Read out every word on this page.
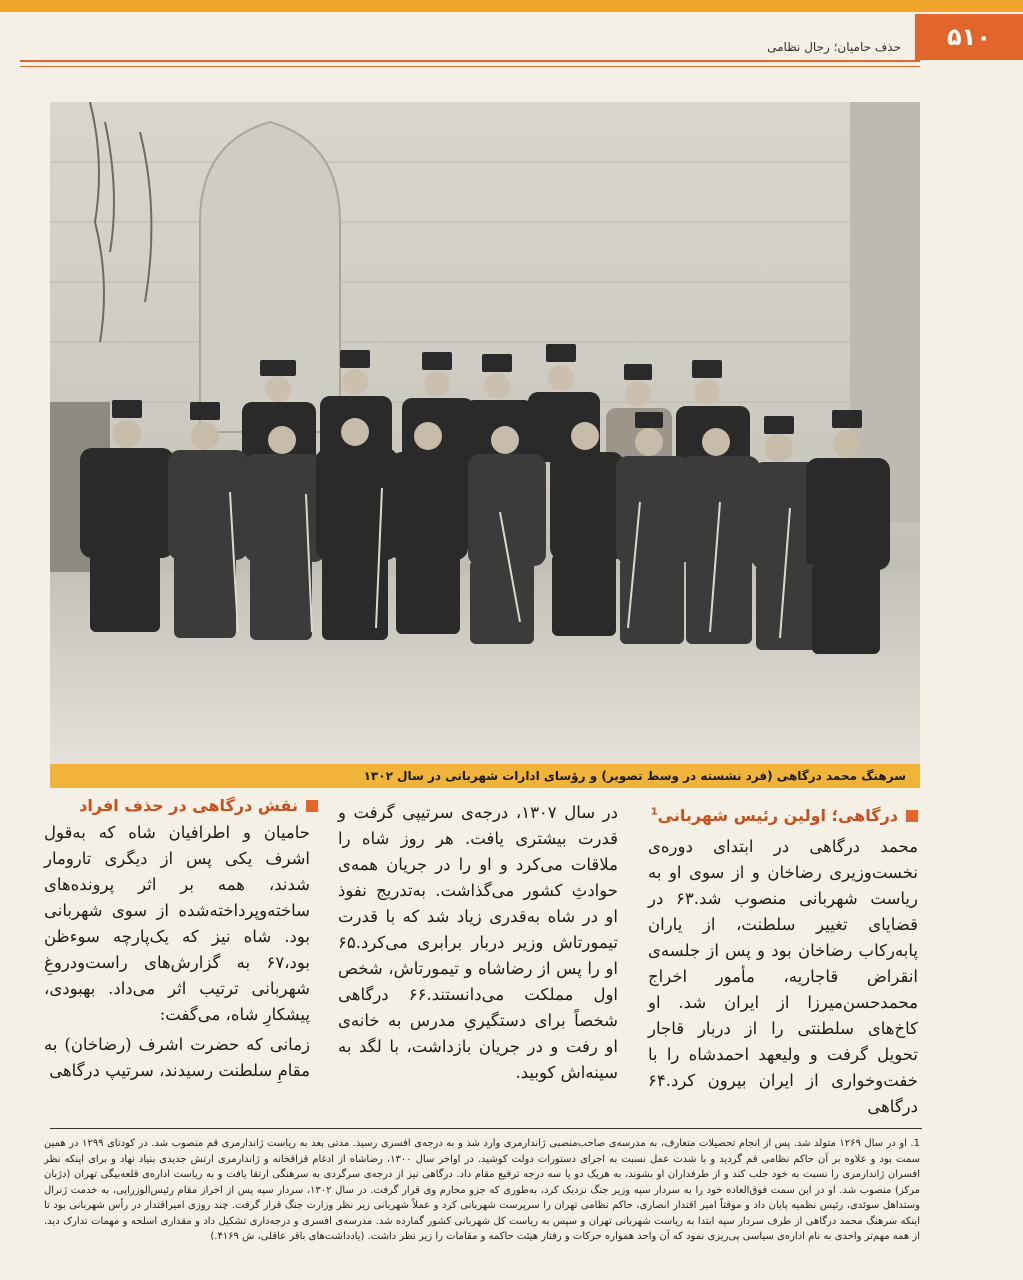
حذف حامیان؛ رجال نظامی	۵۱۰
سرهنگ محمد درگاهی (فرد نشسته در وسط تصویر) و رؤسای ادارات شهربانی در سال ۱۳۰۲
درگاهی؛ اولین رئیس شهربانی$^1$
نقش درگاهی در حذف افراد

محمد درگاهی در ابتدای دوره‌ی نخست‌وزیری رضاخان و از سوی او به ریاست شهربانی منصوب شد.۶۳ در قضایای تغییر سلطنت، از یاران پابه‌رکاب رضاخان بود و پس از جلسه‌ی انقراض قاجاریه، مأمور اخراج محمدحسن‌میرزا از ایران شد. او کاخ‌های سلطنتی را از دربار قاجار تحویل گرفت و ولیعهد احمدشاه را با خفت‌وخواری از ایران بیرون کرد.۶۴ درگاهی

در سال ۱۳۰۷، درجه‌ی سرتیپی گرفت و قدرت بیشتری یافت. هر روز شاه را ملاقات می‌کرد و او را در جریان همه‌ی حوادثِ کشور می‌گذاشت. به‌تدریج نفوذ او در شاه به‌قدری زیاد شد که با قدرت تیمورتاش وزیر دربار برابری می‌کرد.۶۵ او را پس از رضاشاه و تیمورتاش، شخص اول مملکت می‌دانستند.۶۶ درگاهی شخصاً برای دستگیریِ مدرس به خانه‌ی او رفت و در جریان بازداشت، با لگد به سینه‌اش کوبید.

حامیان و اطرافیان شاه که به‌قول اشرف یکی پس از دیگری تارومار شدند، همه بر اثر پرونده‌های ساخته‌وپرداخته‌شده از سوی شهربانی بود. شاه نیز که یک‌پارچه سوءظن بود،۶۷ به گزارش‌های راست‌ودروغِ شهربانی ترتیب اثر می‌داد. بهبودی، پیشکارِ شاه، می‌گفت:

زمانی که حضرت اشرف (رضاخان) به مقامِ سلطنت رسیدند، سرتیپ درگاهی

1. او در سال ۱۲۶۹ متولد شد. پس از انجام تحصیلات متعارف، به مدرسه‌ی صاحب‌منصبی ژاندارمری وارد شد و به درجه‌ی افسری رسید. مدتی بعد به ریاست ژاندارمری قم منصوب شد. در کودتای ۱۲۹۹ در همین سمت بود و علاوه بر آن حاکم نظامی قم گردید و با شدت عمل نسبت به اجرای دستورات دولت کوشید. در اواخر سال ۱۳۰۰، رضاشاه از ادغام قزاقخانه و ژاندارمری ارتش جدیدی بنیاد نهاد و برای اینکه نظر افسران ژاندارمری را نسبت به خود جلب کند و از طرفداران او بشوند، به هریک دو یا سه درجه ترفیع مقام داد. درگاهی نیز از درجه‌ی سرگردی به سرهنگی ارتقا یافت و به ریاست اداره‌ی قلعه‌بیگی تهران (دژبان مرکز) منصوب شد. او در این سمت فوق‌العاده خود را به سردار سپه وزیر جنگ نزدیک کرد، به‌طوری که جزو محارم وی قرار گرفت. در سال ۱۳۰۲، سردار سپه پس از احراز مقام رئیس‌الوزرایی، به خدمت ژنرال وستداهل سوئدی، رئیس نظمیه پایان داد و موقتاً امیر اقتدار انصاری، حاکم نظامی تهران را سرپرست شهربانی کرد و عملاً شهربانی زیر نظر وزارت جنگ قرار گرفت. چند روزی امیراقتدار در رأس شهربانی بود تا اینکه سرهنگ محمد درگاهی از طرف سردار سپه ابتدا به ریاست شهربانی تهران و سپس به ریاست کل شهربانی کشور گمارده شد. مدرسه‌ی افسری و درجه‌داری تشکیل داد و مقداری اسلحه و مهمات تدارک دید. از همه مهم‌تر واحدی به نام اداره‌ی سیاسی پی‌ریزی نمود که آن واحد همواره حرکات و رفتار هیئت حاکمه و مقامات را زیر نظر داشت. (یادداشت‌های باقر عاقلی، ش ۴۱۶۹.)
